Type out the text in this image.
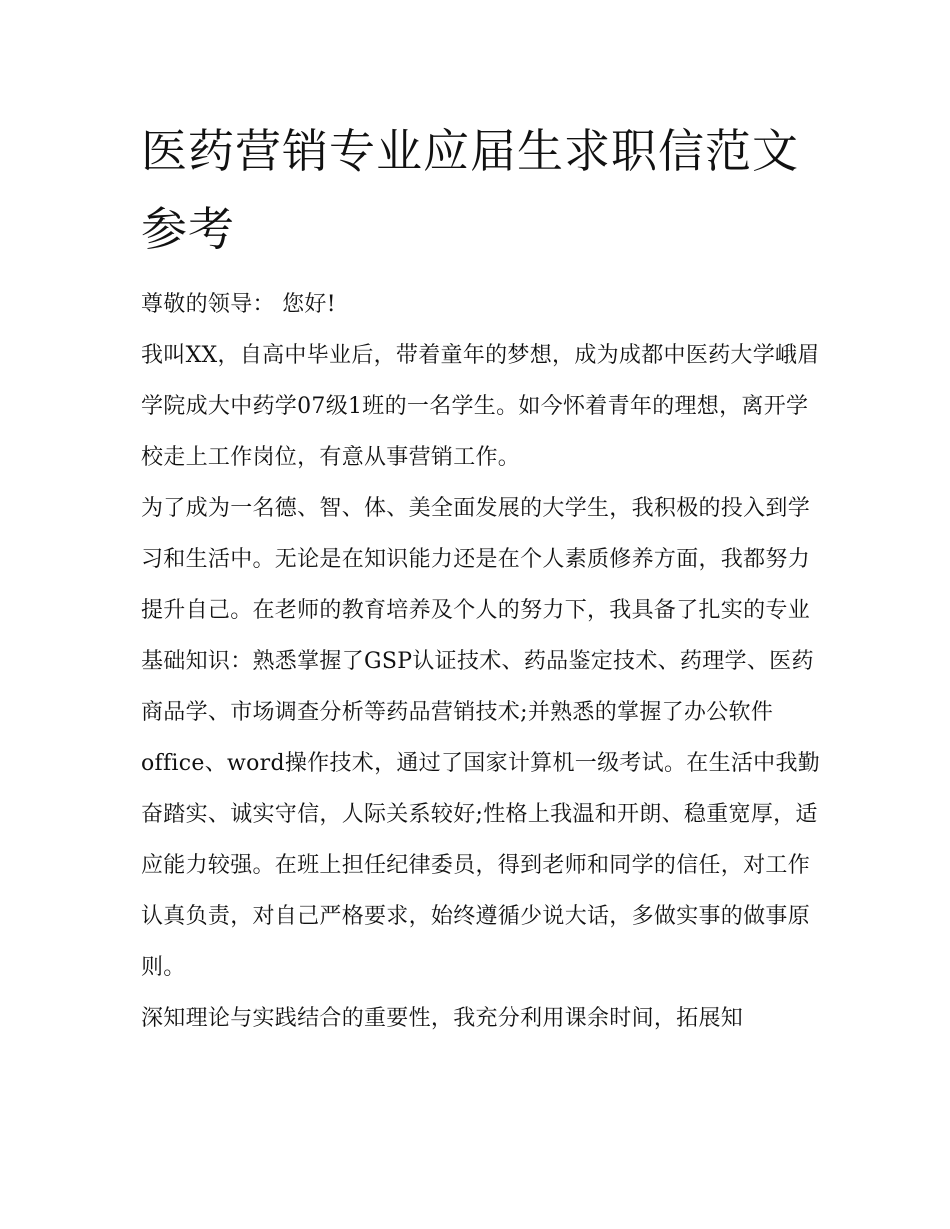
医药营销专业应届生求职信范文参考

尊敬的领导： 您好!

我叫XX，自高中毕业后，带着童年的梦想，成为成都中医药大学峨眉学院成大中药学07级1班的一名学生。如今怀着青年的理想，离开学校走上工作岗位，有意从事营销工作。

为了成为一名德、智、体、美全面发展的大学生，我积极的投入到学习和生活中。无论是在知识能力还是在个人素质修养方面，我都努力提升自己。在老师的教育培养及个人的努力下，我具备了扎实的专业基础知识：熟悉掌握了GSP认证技术、药品鉴定技术、药理学、医药商品学、市场调查分析等药品营销技术;并熟悉的掌握了办公软件office、word操作技术，通过了国家计算机一级考试。在生活中我勤奋踏实、诚实守信，人际关系较好;性格上我温和开朗、稳重宽厚，适应能力较强。在班上担任纪律委员，得到老师和同学的信任，对工作认真负责，对自己严格要求，始终遵循少说大话，多做实事的做事原则。

深知理论与实践结合的重要性，我充分利用课余时间，拓展知
